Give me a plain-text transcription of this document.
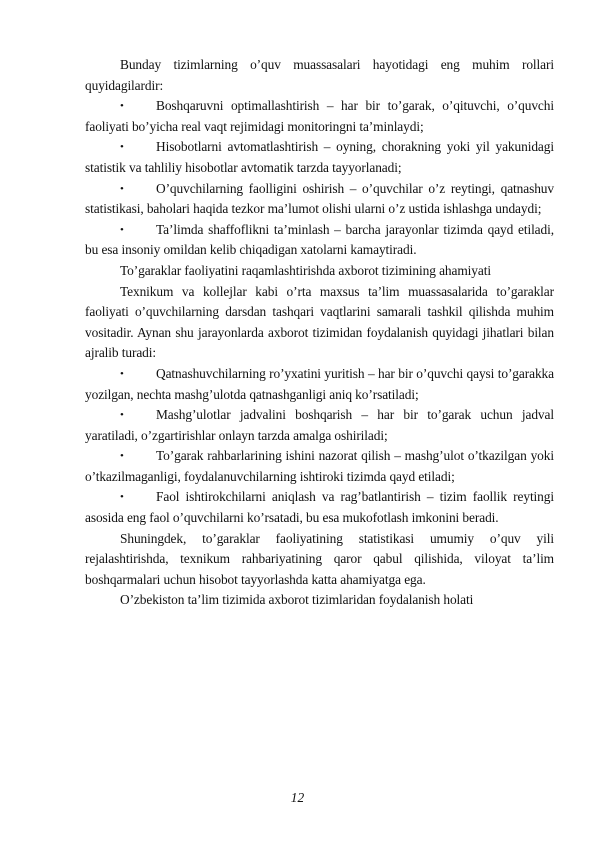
Bunday tizimlarning o’quv muassasalari hayotidagi eng muhim rollari quyidagilardir:

• Boshqaruvni optimallashtirish – har bir to’garak, o’qituvchi, o’quvchi faoliyati bo’yicha real vaqt rejimidagi monitoringni ta’minlaydi;

• Hisobotlarni avtomatlashtirish – oyning, chorakning yoki yil yakunidagi statistik va tahliliy hisobotlar avtomatik tarzda tayyorlanadi;

• O’quvchilarning faolligini oshirish – o’quvchilar o’z reytingi, qatnashuv statistikasi, baholari haqida tezkor ma’lumot olishi ularni o’z ustida ishlashga undaydi;

• Ta’limda shaffoflikni ta’minlash – barcha jarayonlar tizimda qayd etiladi, bu esa insoniy omildan kelib chiqadigan xatolarni kamaytiradi.

To’garaklar faoliyatini raqamlashtirishda axborot tizimining ahamiyati

Texnikum va kollejlar kabi o’rta maxsus ta’lim muassasalarida to’garaklar faoliyati o’quvchilarning darsdan tashqari vaqtlarini samarali tashkil qilishda muhim vositadir. Aynan shu jarayonlarda axborot tizimidan foydalanish quyidagi jihatlari bilan ajralib turadi:

• Qatnashuvchilarning ro’yxatini yuritish – har bir o’quvchi qaysi to’garakka yozilgan, nechta mashg’ulotda qatnashganligi aniq ko’rsatiladi;

• Mashg’ulotlar jadvalini boshqarish – har bir to’garak uchun jadval yaratiladi, o’zgartirishlar onlayn tarzda amalga oshiriladi;

• To’garak rahbarlarining ishini nazorat qilish – mashg’ulot o’tkazilgan yoki o’tkazilmaganligi, foydalanuvchilarning ishtiroki tizimda qayd etiladi;

• Faol ishtirokchilarni aniqlash va rag’batlantirish – tizim faollik reytingi asosida eng faol o’quvchilarni ko’rsatadi, bu esa mukofotlash imkonini beradi.

Shuningdek, to’garaklar faoliyatining statistikasi umumiy o’quv yili rejalashtirishda, texnikum rahbariyatining qaror qabul qilishida, viloyat ta’lim boshqarmalari uchun hisobot tayyorlashda katta ahamiyatga ega.

O’zbekiston ta’lim tizimida axborot tizimlaridan foydalanish holati

12
